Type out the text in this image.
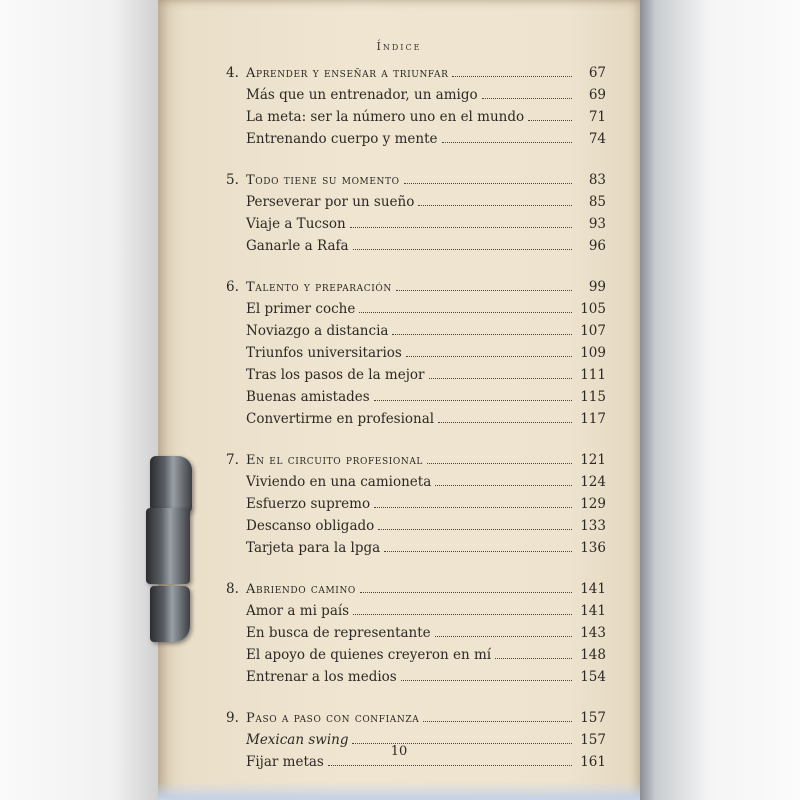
Índice
10
4. Aprender y enseñar a triunfar	67
Más que un entrenador, un amigo	69
La meta: ser la número uno en el mundo	71
Entrenando cuerpo y mente	74
5. Todo tiene su momento	83
Perseverar por un sueño	85
Viaje a Tucson	93
Ganarle a Rafa	96
6. Talento y preparación	99
El primer coche	105
Noviazgo a distancia	107
Triunfos universitarios	109
Tras los pasos de la mejor	111
Buenas amistades	115
Convertirme en profesional	117
7. En el circuito profesional	121
Viviendo en una camioneta	124
Esfuerzo supremo	129
Descanso obligado	133
Tarjeta para la lpga	136
8. Abriendo camino	141
Amor a mi país	141
En busca de representante	143
El apoyo de quienes creyeron en mí	148
Entrenar a los medios	154
9. Paso a paso con confianza	157
Mexican swing	157
Fijar metas	161
